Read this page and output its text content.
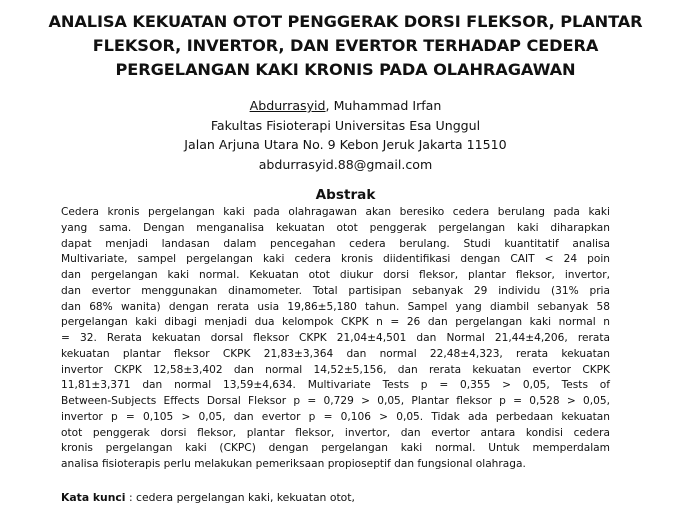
ANALISA KEKUATAN OTOT PENGGERAK DORSI FLEKSOR, PLANTAR
FLEKSOR, INVERTOR, DAN EVERTOR TERHADAP CEDERA
PERGELANGAN KAKI KRONIS PADA OLAHRAGAWAN
Abdurrasyid, Muhammad Irfan
Fakultas Fisioterapi Universitas Esa Unggul
Jalan Arjuna Utara No. 9 Kebon Jeruk Jakarta 11510
abdurrasyid.88@gmail.com
Abstrak
Cedera kronis pergelangan kaki pada olahragawan akan beresiko cedera berulang pada kaki
yang sama. Dengan menganalisa kekuatan otot penggerak pergelangan kaki diharapkan
dapat menjadi landasan dalam pencegahan cedera berulang. Studi kuantitatif analisa
Multivariate, sampel pergelangan kaki cedera kronis diidentifikasi dengan CAIT < 24 poin
dan pergelangan kaki normal. Kekuatan otot diukur dorsi fleksor, plantar fleksor, invertor,
dan evertor menggunakan dinamometer. Total partisipan sebanyak 29 individu (31% pria
dan 68% wanita) dengan rerata usia 19,86±5,180 tahun. Sampel yang diambil sebanyak 58
pergelangan kaki dibagi menjadi dua kelompok CKPK n = 26 dan pergelangan kaki normal n
= 32. Rerata kekuatan dorsal fleksor CKPK 21,04±4,501 dan Normal 21,44±4,206, rerata
kekuatan plantar fleksor CKPK 21,83±3,364 dan normal 22,48±4,323, rerata kekuatan
invertor CKPK 12,58±3,402 dan normal 14,52±5,156, dan rerata kekuatan evertor CKPK
11,81±3,371 dan normal 13,59±4,634. Multivariate Tests p = 0,355 > 0,05, Tests of
Between-Subjects Effects Dorsal Fleksor p = 0,729 > 0,05, Plantar fleksor p = 0,528 > 0,05,
invertor p = 0,105 > 0,05, dan evertor p = 0,106 > 0,05. Tidak ada perbedaan kekuatan
otot penggerak dorsi fleksor, plantar fleksor, invertor, dan evertor antara kondisi cedera
kronis pergelangan kaki (CKPC) dengan pergelangan kaki normal. Untuk memperdalam
analisa fisioterapis perlu melakukan pemeriksaan propioseptif dan fungsional olahraga.
Kata kunci : cedera pergelangan kaki, kekuatan otot,
